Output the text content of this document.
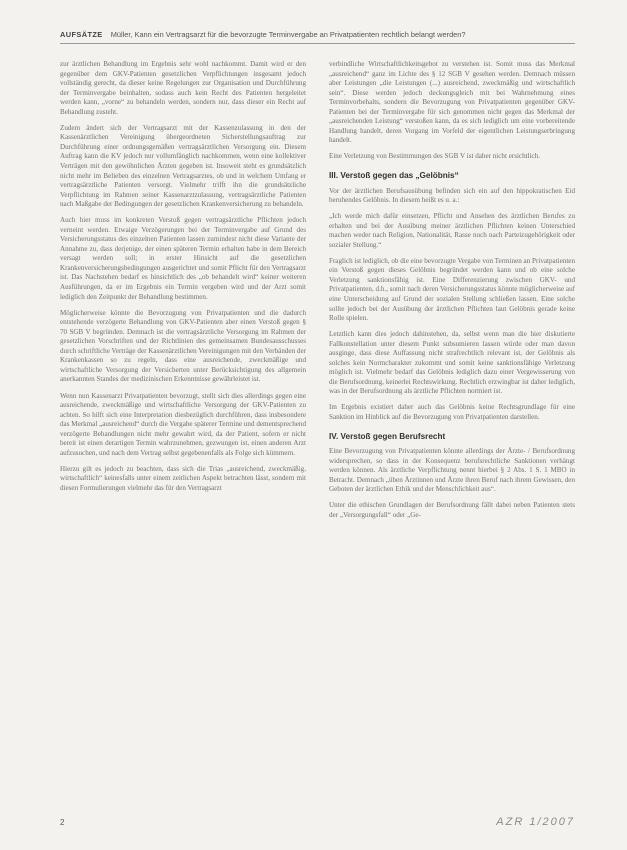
AUFSÄTZE Müller, Kann ein Vertragsarzt für die bevorzugte Terminvergabe an Privatpatienten rechtlich belangt werden?

zur ärztlichen Behandlung im Ergebnis sehr wohl nachkommt. Damit wird er den gegenüber dem GKV-Patienten gesetzlichen Verpflichtungen insgesamt jedoch vollständig gerecht, da dieser keine Regelungen zur Organisation und Durchführung der Terminvergabe beinhalten, sodass auch kein Recht des Patienten hergeleitet werden kann, „vorne“ zu behandeln werden, sondern nur, dass dieser ein Recht auf Behandlung zusteht.

Zudem ändert sich der Vertragsarzt mit der Kassenzulassung in den der Kassenärztlichen Vereinigung übergeordneten Sicherstellungsauftrag zur Durchführung einer ordnungsgemäßen vertragsärztlichen Versorgung ein. Diesem Auftrag kann die KV jedoch nur vollumfänglich nachkommen, wenn eine kollektiver Verträgen mit den gewöhnlichen Ärzten gegeben ist. Insoweit steht es grundsätzlich nicht mehr im Belieben des einzelnen Vertragsarztes, ob und in welchem Umfang er vertragsärztliche Patienten versorgt. Vielmehr trifft ihn die grundsätzliche Verpflichtung im Rahmen seiner Kassenarztzulassung, vertragsärztliche Patienten nach Maßgabe der Bedingungen der gesetzlichen Krankenversicherung zu behandeln.

Auch hier muss im konkreten Verstoß gegen vertragsärztliche Pflichten jedoch verneint werden. Etwaige Verzögerungen bei der Terminvergabe auf Grund des Versicherungsstatus des einzelnen Patienten lassen zumindest nicht diese Variante der Annahme zu, dass derjenige, der einen späteren Termin erhalten habe in dem Bereich versagt werden soll; in erster Hinsicht auf die gesetzlichen Krankenversicherungsbedingungen ausgerichtet und somit Pflicht für den Vertragsarzt ist. Das Nachstehen bedarf es hinsichtlich des „ob behandelt wird“ keiner weiteren Ausführungen, da er im Ergebnis ein Termin vergeben wird und der Arzt somit lediglich den Zeitpunkt der Behandlung bestimmen.

Möglicherweise könnte die Bevorzugung von Privatpatienten und die dadurch entstehende verzögerte Behandlung von GKV-Patienten aber einen Verstoß gegen § 70 SGB V begründen. Demnach ist die vertragsärztliche Versorgung im Rahmen der gesetzlichen Vorschriften und der Richtlinien des gemeinsamen Bundesausschusses durch schriftliche Verträge der Kassenärztlichen Vereinigungen mit den Verbänden der Krankenkassen so zu regeln, dass eine ausreichende, zweckmäßige und wirtschaftliche Versorgung der Versicherten unter Berücksichtigung des allgemein anerkannten Standes der medizinischen Erkenntnisse gewährleistet ist.

Wenn nun Kassenarzt Privatpatienten bevorzugt, stellt sich dies allerdings gegen eine ausreichende, zweckmäßige und wirtschaftliche Versorgung der GKV-Patienten zu achten. So hilft sich eine Interpretation diesbezüglich durchführen, dass insbesondere das Merkmal „ausreichend“ durch die Vergabe späterer Termine und dementsprechend verzögerte Behandlungen nicht mehr gewahrt wird, da der Patient, sofern er nicht bereit ist einen derartigen Termin wahrzunehmen, gezwungen ist, einen anderen Arzt aufzusuchen, und nach dem Vertrag selbst gegebenenfalls als Folge sich kümmern.

Hierzu gilt es jedoch zu beachten, dass sich die Trias „ausreichend, zweckmäßig, wirtschaftlich“ keinesfalls unter einem zeitlichen Aspekt betrachten lässt, sondern mit diesen Formulierungen vielmehr das für den Vertragsarzt

verbindliche Wirtschaftlichkeitsgebot zu verstehen ist. Somit muss das Merkmal „ausreichend“ ganz im Lichte des § 12 SGB V gesehen werden. Demnach müssen aber Leistungen „die Leistungen (...) ausreichend, zweckmäßig und wirtschaftlich sein“. Diese werden jedoch deckungsgleich mit bei Wahrnehmung eines Terminvorbehalts, sondern die Bevorzugung von Privatpatienten gegenüber GKV-Patienten bei der Terminvergabe für sich genommen nicht gegen das Merkmal der „ausreichenden Leistung“ verstoßen kann, da es sich lediglich um eine vorbereitende Handlung handelt, deren Vorgang im Vorfeld der eigentlichen Leistungserbringung handelt.

Eine Verletzung von Bestimmungen des SGB V ist daher nicht ersichtlich.

III. Verstoß gegen das „Gelöbnis“

Vor der ärztlichen Berufsausübung befinden sich ein auf den hippokratischen Eid beruhendes Gelöbnis. In diesem heißt es u. a.:

„Ich werde mich dafür einsetzen, Pflicht und Ansehen des ärztlichen Berufes zu erhalten und bei der Ausübung meiner ärztlichen Pflichten keinen Unterschied machen weder nach Religion, Nationalität, Rasse noch nach Parteizugehörigkeit oder sozialer Stellung.“

Fraglich ist lediglich, ob die eine bevorzugte Vergabe von Terminen an Privatpatienten ein Verstoß gegen dieses Gelöbnis begründet werden kann und ob eine solche Verletzung sanktionsfähig ist. Eine Differenzierung zwischen GKV- und Privatpatienten, d.h., somit nach deren Versicherungsstatus könnte möglicherweise auf eine Unterscheidung auf Grund der sozialen Stellung schließen lassen. Eine solche sollte jedoch bei der Ausübung der ärztlichen Pflichten laut Gelöbnis gerade keine Rolle spielen.

Letztlich kann dies jedoch dahinstehen, da, selbst wenn man die hier diskutierte Fallkonstellation unter diesem Punkt subsumieren lassen würde oder man davon ausginge, dass diese Auffassung nicht strafrechtlich relevant ist, der Gelöbnis als solches kein Normcharakter zukommt und somit keine sanktionsfähige Verletzung möglich ist. Vielmehr bedarf das Gelöbnis lediglich dazu einer Vergewisserung von die Berufsordnung, keinerlei Rechtswirkung. Rechtlich erzwingbar ist daher lediglich, was in der Berufsordnung als ärztliche Pflichten normiert ist.

Im Ergebnis existiert daher auch das Gelöbnis keine Rechtsgrundlage für eine Sanktion im Hinblick auf die Bevorzugung von Privatpatienten darstellen.

IV. Verstoß gegen Berufsrecht

Eine Bevorzugung von Privatpatienten könnte allerdings der Ärzte- / Berufsordnung widersprechen, so dass in der Konsequenz berufsrechtliche Sanktionen verhängt werden können. Als ärztliche Verpflichtung nennt hierbei § 2 Abs. 1 S. 1 MBO in Betracht. Demnach „üben Ärztinnen und Ärzte ihren Beruf nach ihrem Gewissen, den Geboten der ärztlichen Ethik und der Menschlichkeit aus“.

Unter die ethischen Grundlagen der Berufsordnung fällt dabei neben Patienten stets der „Versorgungsfall“ oder „Ge-

2	AZR 1/2007
